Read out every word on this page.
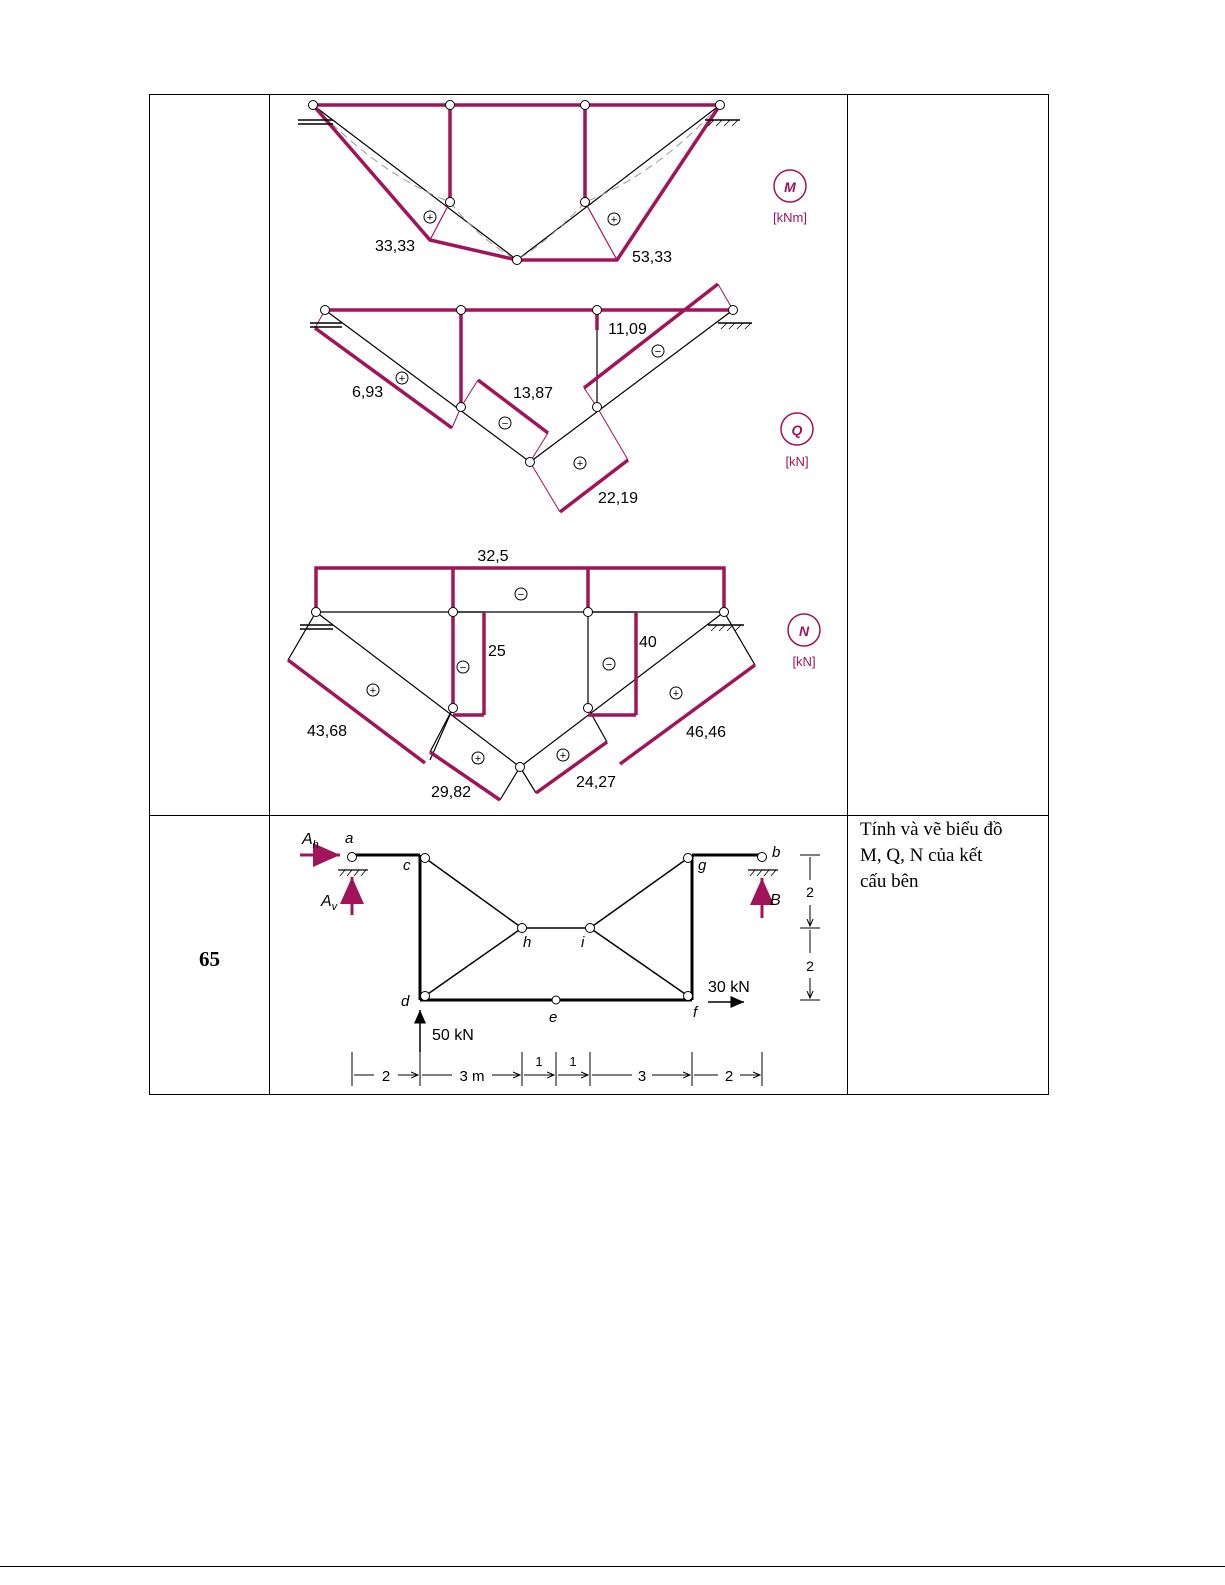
65
Tính và vẽ biểu đồ
M, Q, N của kết
cấu bên
+	+
33,33
53,33
M
[kNm]
+
−
−
+
6,93	13,87
11,09
22,19
Q
[kN]
−
−	−
+
+	+
+
32,5
25
40
43,68
29,82
24,27
46,46
N
[kN]
$A_h$
$A_v$	B
a
b
c
d
e	f
g
h	i
50 kN
30 kN
2	3 m
1 1
3	2
2
2
